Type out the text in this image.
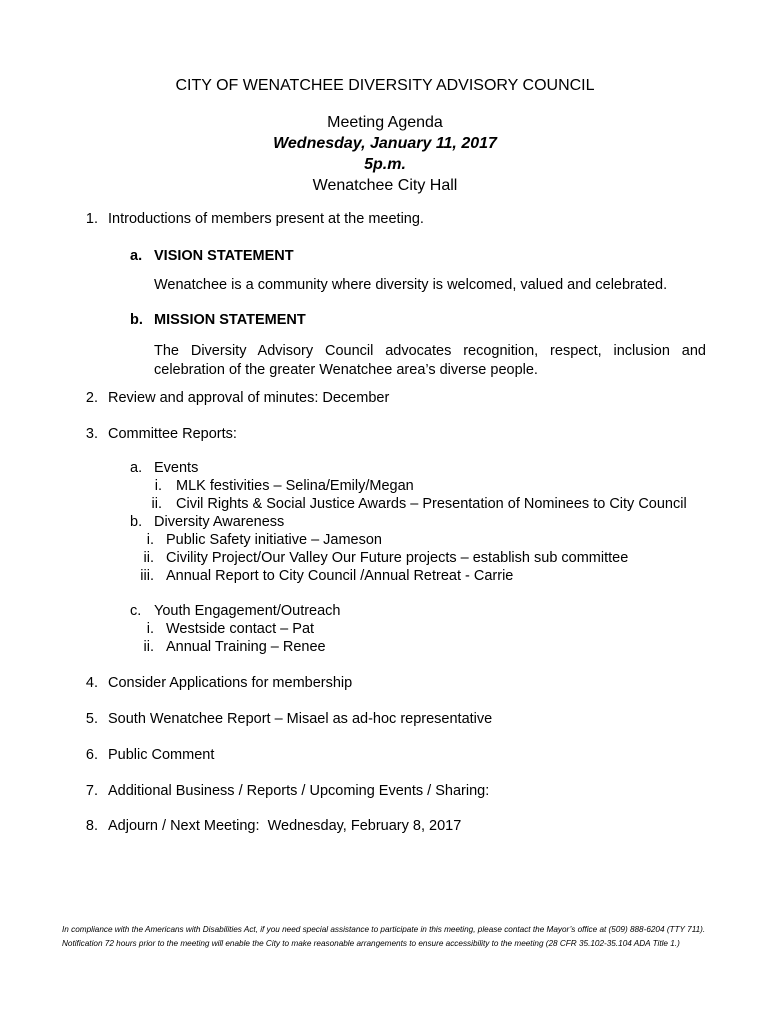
CITY OF WENATCHEE DIVERSITY ADVISORY COUNCIL
Meeting Agenda
Wednesday, January 11, 2017
5p.m.
Wenatchee City Hall
1. Introductions of members present at the meeting.
a. VISION STATEMENT
Wenatchee is a community where diversity is welcomed, valued and celebrated.
b. MISSION STATEMENT
The Diversity Advisory Council advocates recognition, respect, inclusion and celebration of the greater Wenatchee area’s diverse people.
2. Review and approval of minutes: December
3. Committee Reports:
a. Events
i. MLK festivities – Selina/Emily/Megan
ii. Civil Rights & Social Justice Awards – Presentation of Nominees to City Council
b. Diversity Awareness
i. Public Safety initiative – Jameson
ii. Civility Project/Our Valley Our Future projects – establish sub committee
iii. Annual Report to City Council /Annual Retreat - Carrie
c. Youth Engagement/Outreach
i. Westside contact – Pat
ii. Annual Training – Renee
4. Consider Applications for membership
5. South Wenatchee Report – Misael as ad-hoc representative
6. Public Comment
7. Additional Business / Reports / Upcoming Events / Sharing:
8. Adjourn / Next Meeting:  Wednesday, February 8, 2017
In compliance with the Americans with Disabilities Act, if you need special assistance to participate in this meeting, please contact the Mayor’s office at (509) 888-6204 (TTY 711). Notification 72 hours prior to the meeting will enable the City to make reasonable arrangements to ensure accessibility to the meeting (28 CFR 35.102-35.104 ADA Title 1.)
